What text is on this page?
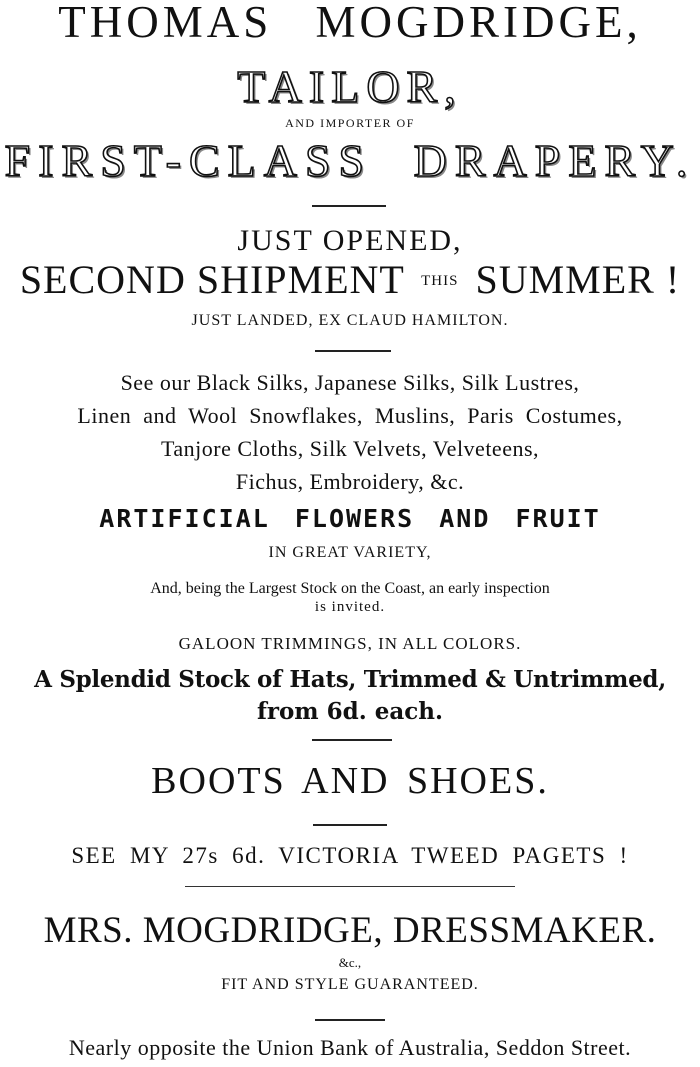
THOMAS MOGDRIDGE,
TAILOR,
AND IMPORTER OF
FIRST-CLASS DRAPERY.
JUST OPENED,
SECOND SHIPMENT $^{THIS}$ SUMMER !
JUST LANDED, EX CLAUD HAMILTON.
See our Black Silks, Japanese Silks, Silk Lustres,
Linen and Wool Snowflakes, Muslins, Paris Costumes,
Tanjore Cloths, Silk Velvets, Velveteens,
Fichus, Embroidery, &c.
ARTIFICIAL FLOWERS AND FRUIT
IN GREAT VARIETY,
And, being the Largest Stock on the Coast, an early inspection
is invited.
GALOON TRIMMINGS, IN ALL COLORS.
A Splendid Stock of Hats, Trimmed & Untrimmed,
from 6d. each.
BOOTS AND SHOES.
SEE MY 27s 6d. VICTORIA TWEED PAGETS !
MRS. MOGDRIDGE, DRESSMAKER.
&c.,
FIT AND STYLE GUARANTEED.
Nearly opposite the Union Bank of Australia, Seddon Street.
